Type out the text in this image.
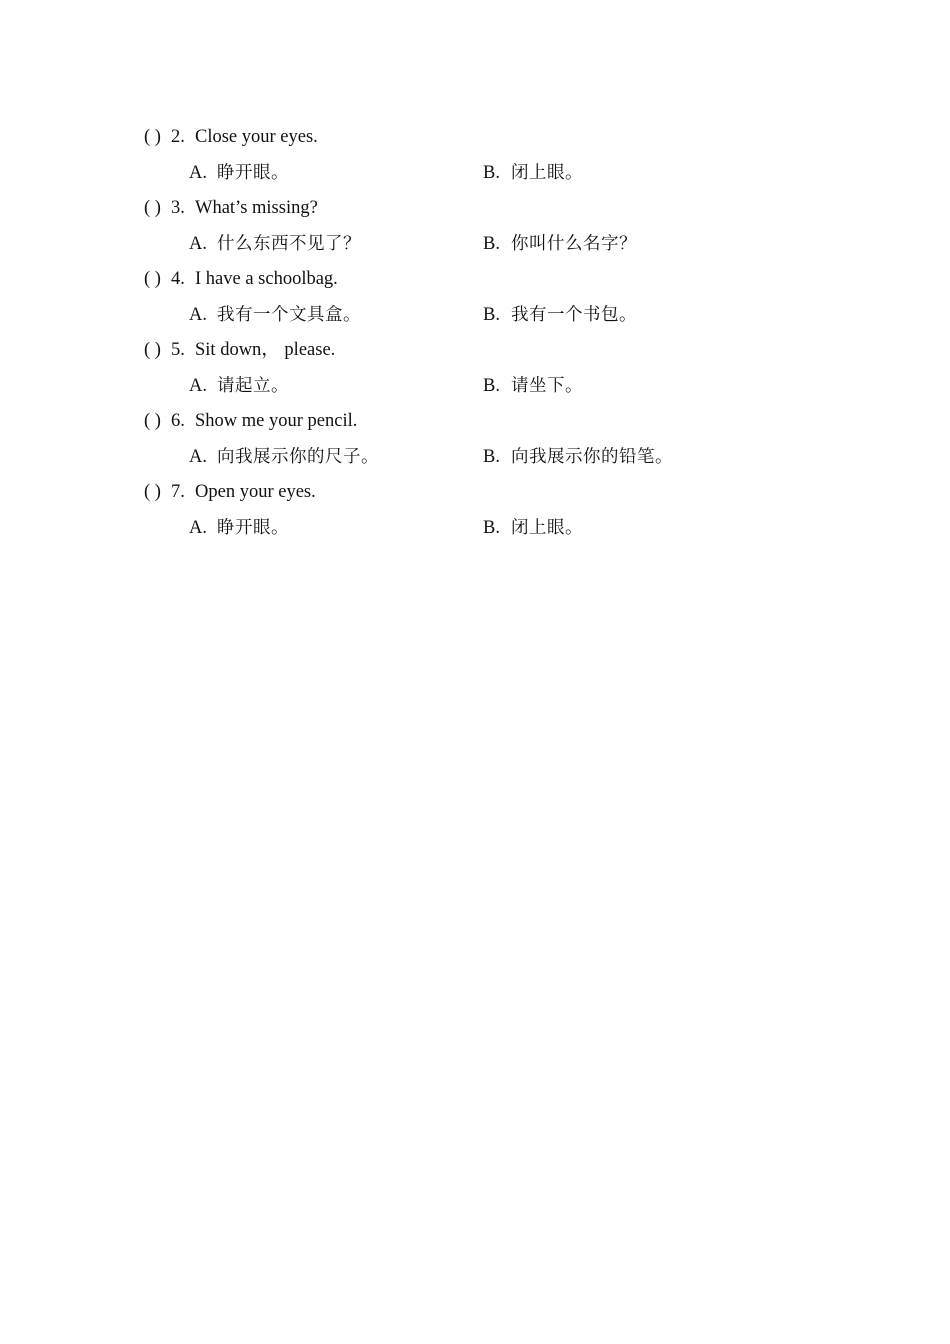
( ) 2. Close your eyes.
A. 睁开眼。	B. 闭上眼。
( ) 3. What’s missing?
A. 什么东西不见了？	B. 你叫什么名字？
( ) 4. I have a schoolbag.
A. 我有一个文具盒。	B. 我有一个书包。
( ) 5. Sit down， please.
A. 请起立。	B. 请坐下。
( ) 6. Show me your pencil.
A. 向我展示你的尺子。	B. 向我展示你的铅笔。
( ) 7. Open your eyes.
A. 睁开眼。	B. 闭上眼。
